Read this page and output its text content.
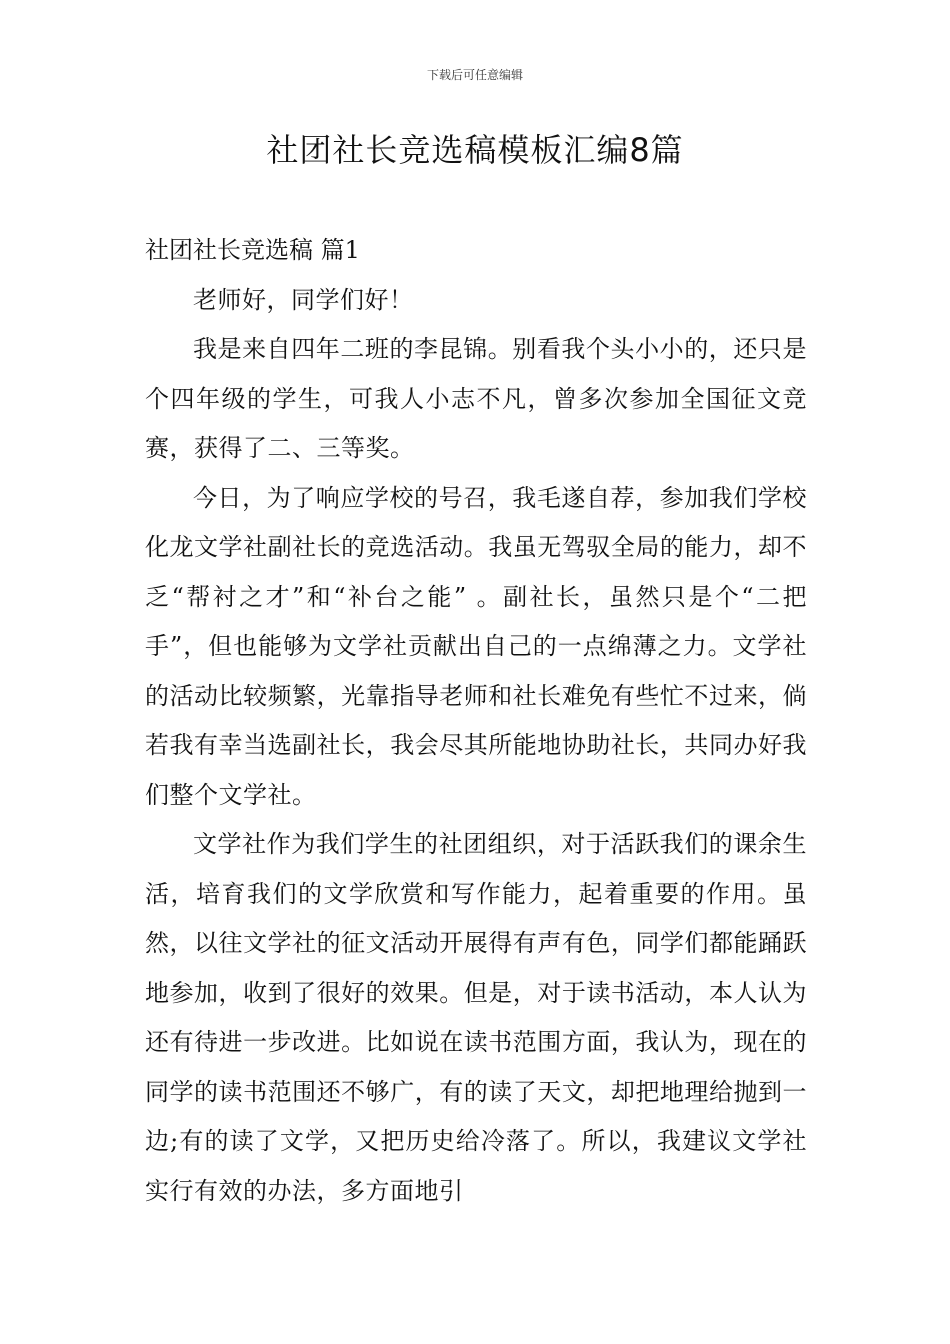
下载后可任意编辑
社团社长竞选稿模板汇编8篇
社团社长竞选稿 篇1

老师好，同学们好！

我是来自四年二班的李昆锦。别看我个头小小的，还只是个四年级的学生，可我人小志不凡，曾多次参加全国征文竞赛，获得了二、三等奖。

今日，为了响应学校的号召，我毛遂自荐，参加我们学校化龙文学社副社长的竞选活动。我虽无驾驭全局的能力，却不乏“帮衬之才”和“补台之能” 。副社长，虽然只是个“二把手”，但也能够为文学社贡献出自己的一点绵薄之力。文学社的活动比较频繁，光靠指导老师和社长难免有些忙不过来，倘若我有幸当选副社长，我会尽其所能地协助社长，共同办好我们整个文学社。

文学社作为我们学生的社团组织，对于活跃我们的课余生活，培育我们的文学欣赏和写作能力，起着重要的作用。虽然，以往文学社的征文活动开展得有声有色，同学们都能踊跃地参加，收到了很好的效果。但是，对于读书活动，本人认为还有待进一步改进。比如说在读书范围方面，我认为，现在的同学的读书范围还不够广，有的读了天文，却把地理给抛到一边;有的读了文学，又把历史给冷落了。所以，我建议文学社实行有效的办法，多方面地引
